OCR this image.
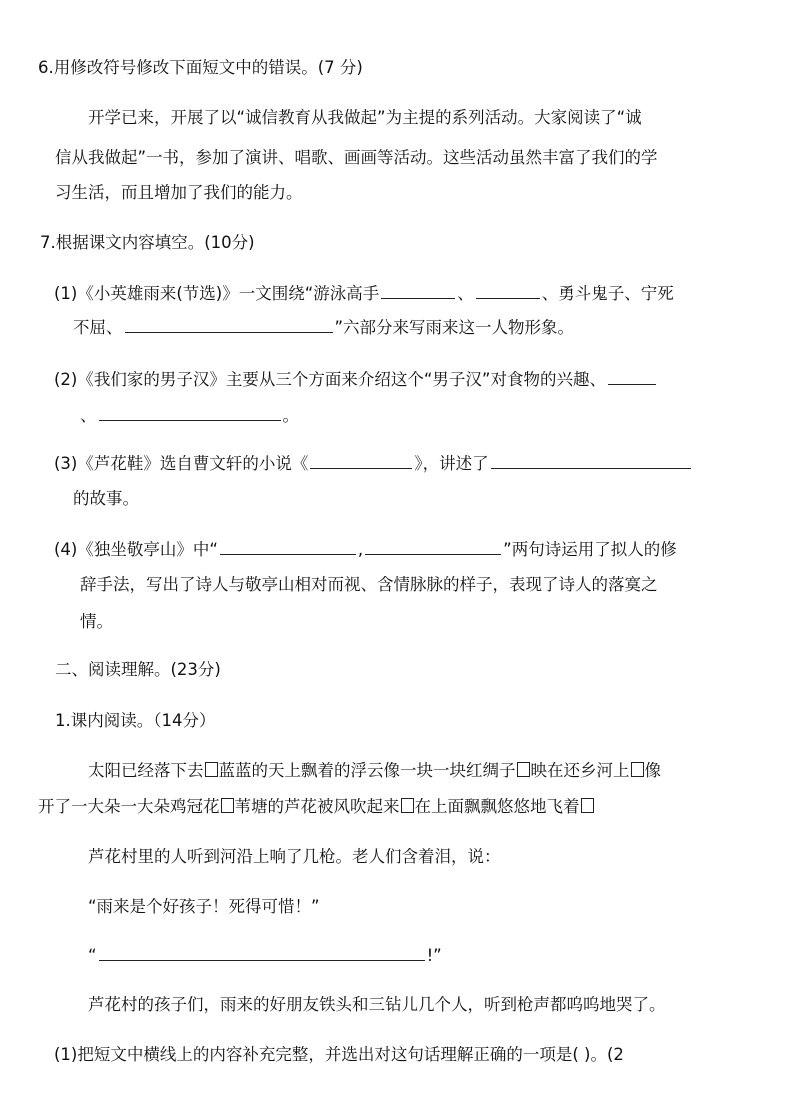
6.用修改符号修改下面短文中的错误。(7 分)
开学已来，开展了以“诚信教育从我做起”为主提的系列活动。大家阅读了“诚
信从我做起”一书，参加了演讲、唱歌、画画等活动。这些活动虽然丰富了我们的学
习生活，而且增加了我们的能力。
7.根据课文内容填空。(10分)
(1)《小英雄雨来(节选)》一文围绕“游泳高手	、	、勇斗鬼子、宁死
不屈、	”六部分来写雨来这一人物形象。
(2)《我们家的男子汉》主要从三个方面来介绍这个“男子汉”对食物的兴趣、
、	。
(3)《芦花鞋》选自曹文轩的小说《	》，讲述了
的故事。
(4)《独坐敬亭山》中“	,	”两句诗运用了拟人的修
辞手法，写出了诗人与敬亭山相对而视、含情脉脉的样子，表现了诗人的落寞之
情。
二、阅读理解。(23分)
1.课内阅读。（14分）
太阳已经落下去 蓝蓝的天上飘着的浮云像一块一块红绸子 映在还乡河上 像
开了一大朵一大朵鸡冠花 苇塘的芦花被风吹起来 在上面飘飘悠悠地飞着
芦花村里的人听到河沿上响了几枪。老人们含着泪，说：
“雨来是个好孩子！死得可惜！”
“	!”
芦花村的孩子们，雨来的好朋友铁头和三钻儿几个人，听到枪声都呜呜地哭了。
(1)把短文中横线上的内容补充完整，并选出对这句话理解正确的一项是( )。(2
